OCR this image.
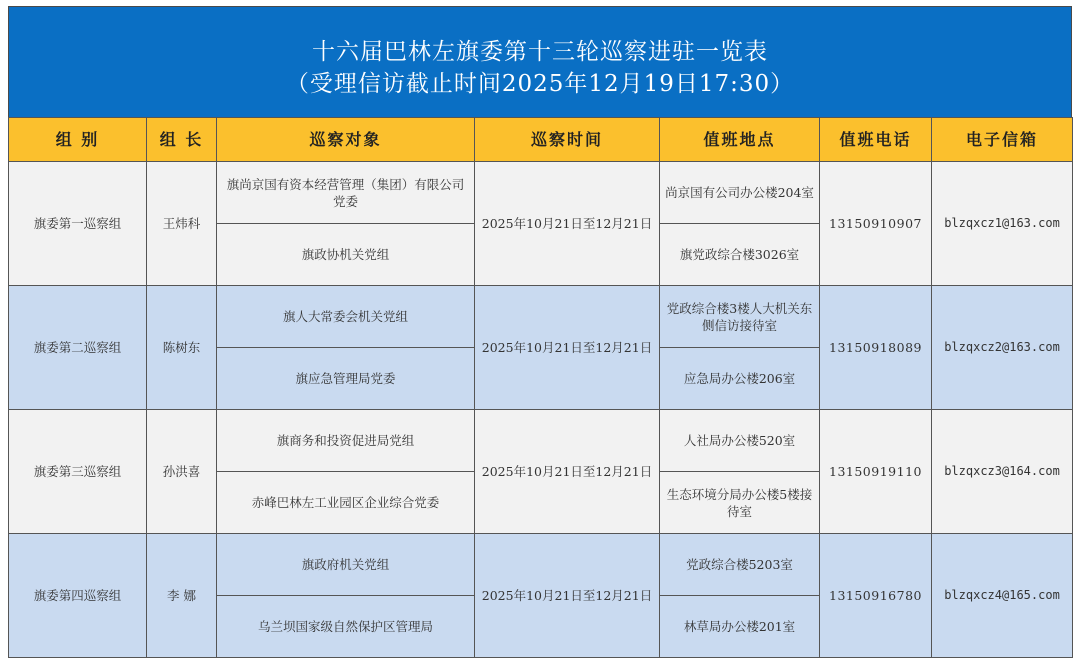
十六届巴林左旗委第十三轮巡察进驻一览表
（受理信访截止时间2025年12月19日17:30）
组 别	组 长	巡察对象	巡察时间	值班地点	值班电话	电子信箱
旗委第一巡察组	王炜科	旗尚京国有资本经营管理（集团）有限公司党委	2025年10月21日至12月21日	尚京国有公司办公楼204室	13150910907	blzqxcz1@163.com
		旗政协机关党组		旗党政综合楼3026室		
旗委第二巡察组	陈树东	旗人大常委会机关党组	2025年10月21日至12月21日	党政综合楼3楼人大机关东侧信访接待室	13150918089	blzqxcz2@163.com
		旗应急管理局党委		应急局办公楼206室		
旗委第三巡察组	孙洪喜	旗商务和投资促进局党组	2025年10月21日至12月21日	人社局办公楼520室	13150919110	blzqxcz3@164.com
		赤峰巴林左工业园区企业综合党委		生态环境分局办公楼5楼接待室		
旗委第四巡察组	李 娜	旗政府机关党组	2025年10月21日至12月21日	党政综合楼5203室	13150916780	blzqxcz4@165.com
		乌兰坝国家级自然保护区管理局		林草局办公楼201室		
